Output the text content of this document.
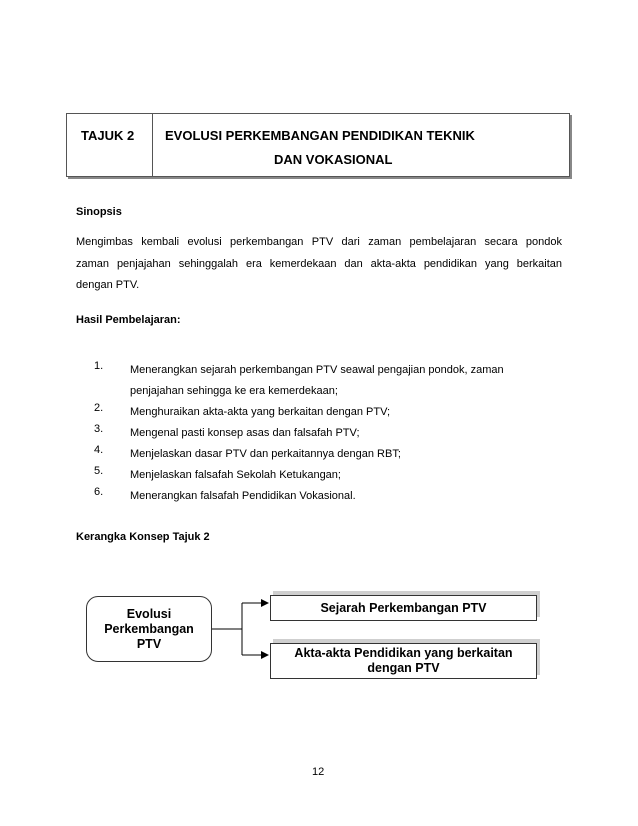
TAJUK 2 EVOLUSI PERKEMBANGAN PENDIDIKAN TEKNIK
DAN VOKASIONAL
Sinopsis
Mengimbas kembali evolusi perkembangan PTV dari zaman pembelajaran secara pondok
zaman penjajahan sehinggalah era kemerdekaan dan akta-akta pendidikan yang berkaitan
dengan PTV.
Hasil Pembelajaran:
1. Menerangkan sejarah perkembangan PTV seawal pengajian pondok, zaman
penjajahan sehingga ke era kemerdekaan;
2. Menghuraikan akta-akta yang berkaitan dengan PTV;
3. Mengenal pasti konsep asas dan falsafah PTV;
4. Menjelaskan dasar PTV dan perkaitannya dengan RBT;
5. Menjelaskan falsafah Sekolah Ketukangan;
6. Menerangkan falsafah Pendidikan Vokasional.
Kerangka Konsep Tajuk 2
Evolusi
Perkembangan
PTV
Sejarah Perkembangan PTV
Akta-akta Pendidikan yang berkaitan
dengan PTV
12
